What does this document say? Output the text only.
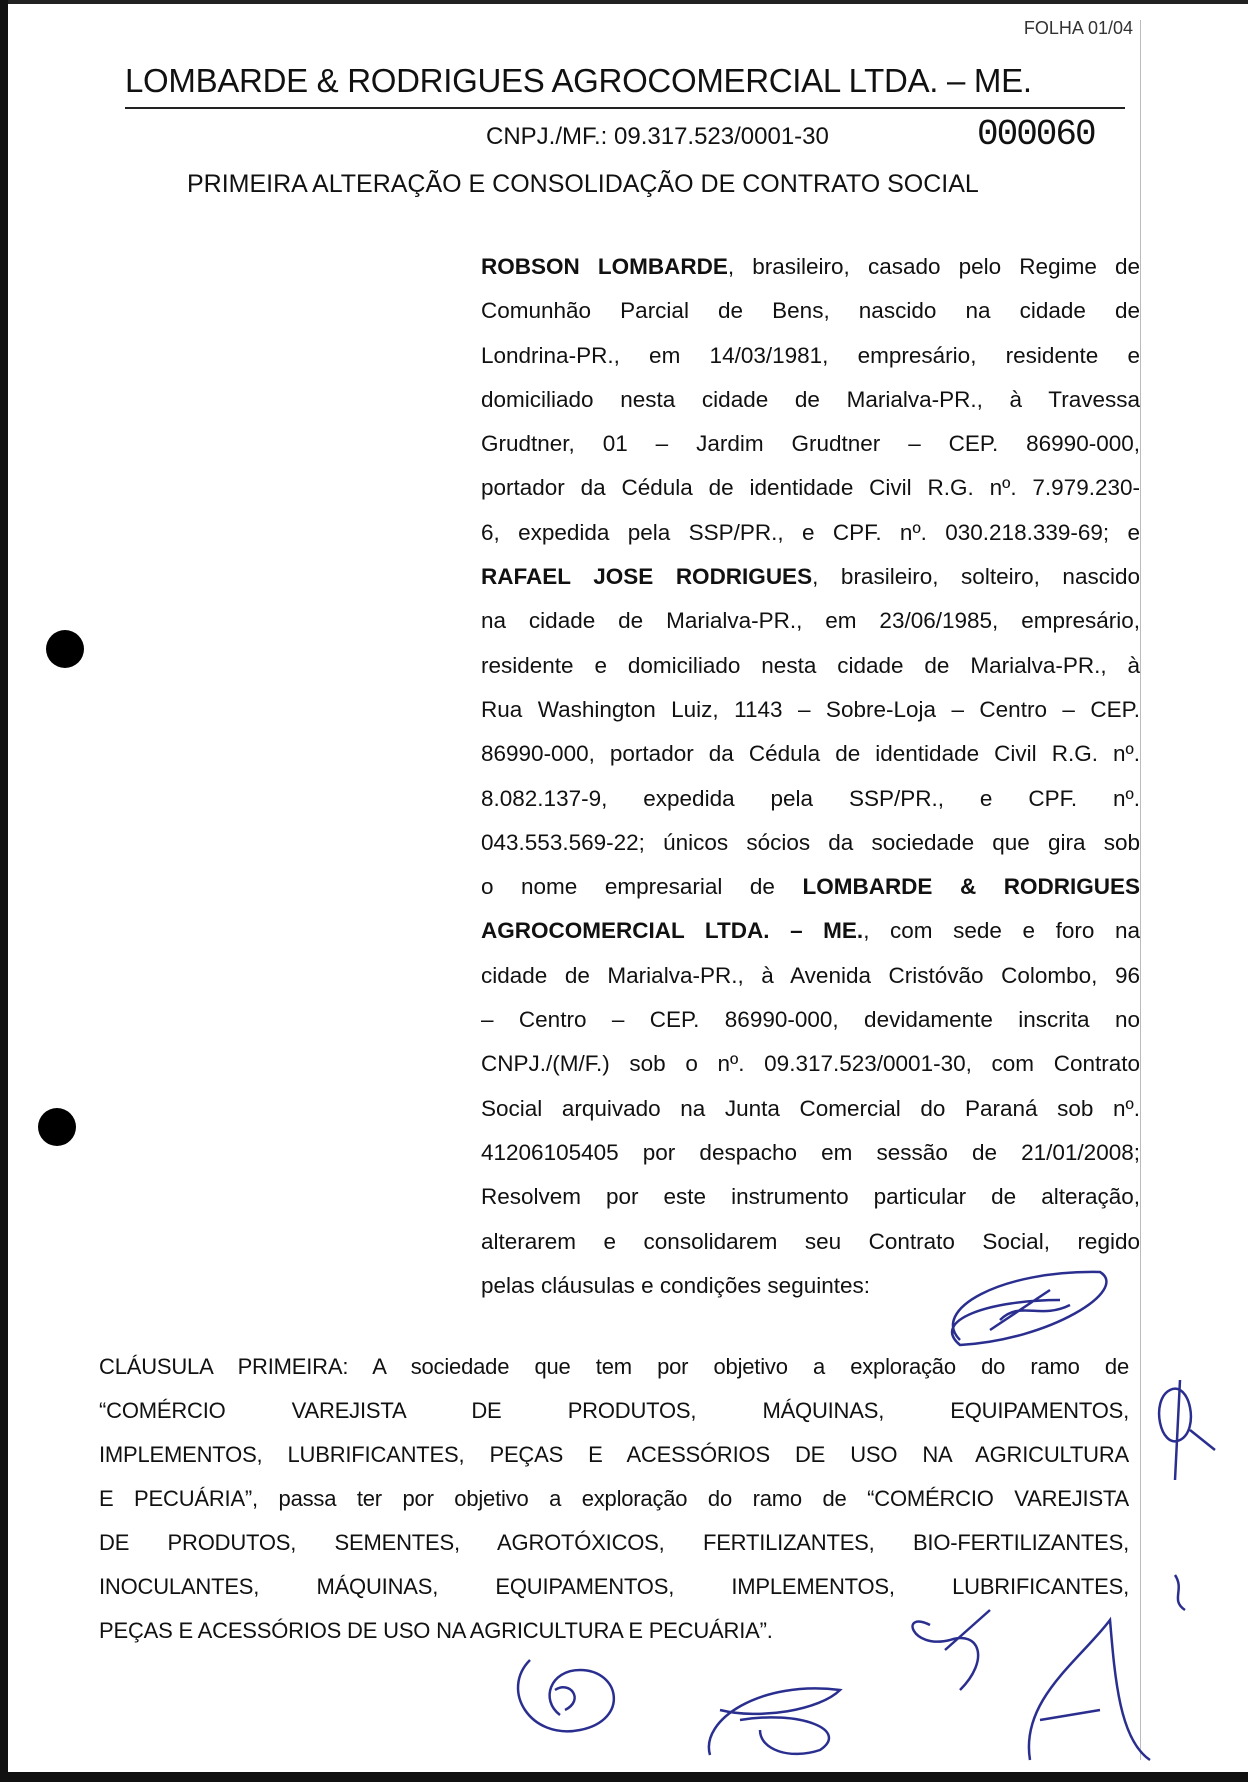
FOLHA 01/04
LOMBARDE & RODRIGUES AGROCOMERCIAL LTDA. – ME.
CNPJ./MF.: 09.317.523/0001-30	000060
PRIMEIRA ALTERAÇÃO E CONSOLIDAÇÃO DE CONTRATO SOCIAL
ROBSON LOMBARDE, brasileiro, casado pelo Regime de
Comunhão Parcial de Bens, nascido na cidade de
Londrina-PR., em 14/03/1981, empresário, residente e
domiciliado nesta cidade de Marialva-PR., à Travessa
Grudtner, 01 – Jardim Grudtner – CEP. 86990-000,
portador da Cédula de identidade Civil R.G. nº. 7.979.230-
6, expedida pela SSP/PR., e CPF. nº. 030.218.339-69; e
RAFAEL JOSE RODRIGUES, brasileiro, solteiro, nascido
na cidade de Marialva-PR., em 23/06/1985, empresário,
residente e domiciliado nesta cidade de Marialva-PR., à
Rua Washington Luiz, 1143 – Sobre-Loja – Centro – CEP.
86990-000, portador da Cédula de identidade Civil R.G. nº.
8.082.137-9, expedida pela SSP/PR., e CPF. nº.
043.553.569-22; únicos sócios da sociedade que gira sob
o nome empresarial de LOMBARDE & RODRIGUES
AGROCOMERCIAL LTDA. – ME., com sede e foro na
cidade de Marialva-PR., à Avenida Cristóvão Colombo, 96
– Centro – CEP. 86990-000, devidamente inscrita no
CNPJ./(M/F.) sob o nº. 09.317.523/0001-30, com Contrato
Social arquivado na Junta Comercial do Paraná sob nº.
41206105405 por despacho em sessão de 21/01/2008;
Resolvem por este instrumento particular de alteração,
alterarem e consolidarem seu Contrato Social, regido
pelas cláusulas e condições seguintes:
CLÁUSULA PRIMEIRA: A sociedade que tem por objetivo a exploração do ramo de
“COMÉRCIO VAREJISTA DE PRODUTOS, MÁQUINAS, EQUIPAMENTOS,
IMPLEMENTOS, LUBRIFICANTES, PEÇAS E ACESSÓRIOS DE USO NA AGRICULTURA
E PECUÁRIA”, passa ter por objetivo a exploração do ramo de “COMÉRCIO VAREJISTA
DE PRODUTOS, SEMENTES, AGROTÓXICOS, FERTILIZANTES, BIO-FERTILIZANTES,
INOCULANTES, MÁQUINAS, EQUIPAMENTOS, IMPLEMENTOS, LUBRIFICANTES,
PEÇAS E ACESSÓRIOS DE USO NA AGRICULTURA E PECUÁRIA”.
